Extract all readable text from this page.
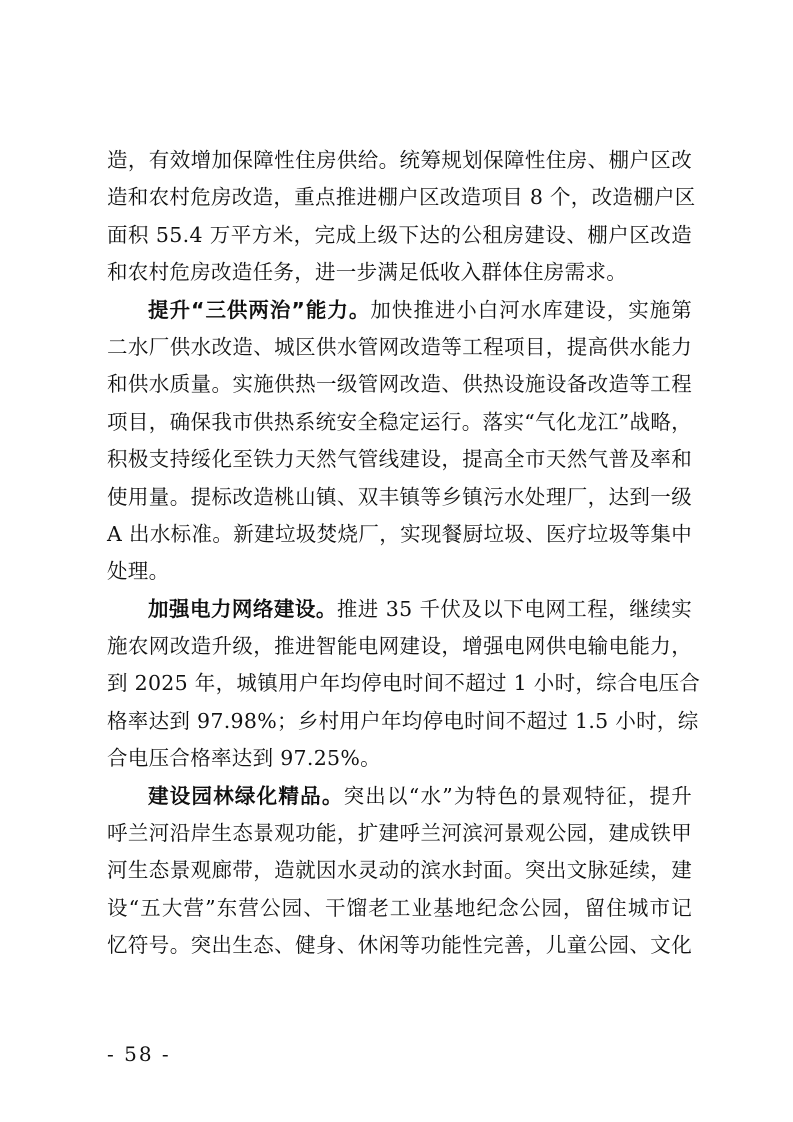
造，有效增加保障性住房供给。统筹规划保障性住房、棚户区改
造和农村危房改造，重点推进棚户区改造项目 8 个，改造棚户区
面积 55.4 万平方米，完成上级下达的公租房建设、棚户区改造
和农村危房改造任务，进一步满足低收入群体住房需求。
提升“三供两治”能力。加快推进小白河水库建设，实施第
二水厂供水改造、城区供水管网改造等工程项目，提高供水能力
和供水质量。实施供热一级管网改造、供热设施设备改造等工程
项目，确保我市供热系统安全稳定运行。落实“气化龙江”战略，
积极支持绥化至铁力天然气管线建设，提高全市天然气普及率和
使用量。提标改造桃山镇、双丰镇等乡镇污水处理厂，达到一级
A 出水标准。新建垃圾焚烧厂，实现餐厨垃圾、医疗垃圾等集中
处理。
加强电力网络建设。推进 35 千伏及以下电网工程，继续实
施农网改造升级，推进智能电网建设，增强电网供电输电能力，
到 2025 年，城镇用户年均停电时间不超过 1 小时，综合电压合
格率达到 97.98%；乡村用户年均停电时间不超过 1.5 小时，综
合电压合格率达到 97.25%。
建设园林绿化精品。突出以“水”为特色的景观特征，提升
呼兰河沿岸生态景观功能，扩建呼兰河滨河景观公园，建成铁甲
河生态景观廊带，造就因水灵动的滨水封面。突出文脉延续，建
设“五大营”东营公园、干馏老工业基地纪念公园，留住城市记
忆符号。突出生态、健身、休闲等功能性完善，儿童公园、文化
- 58 -
